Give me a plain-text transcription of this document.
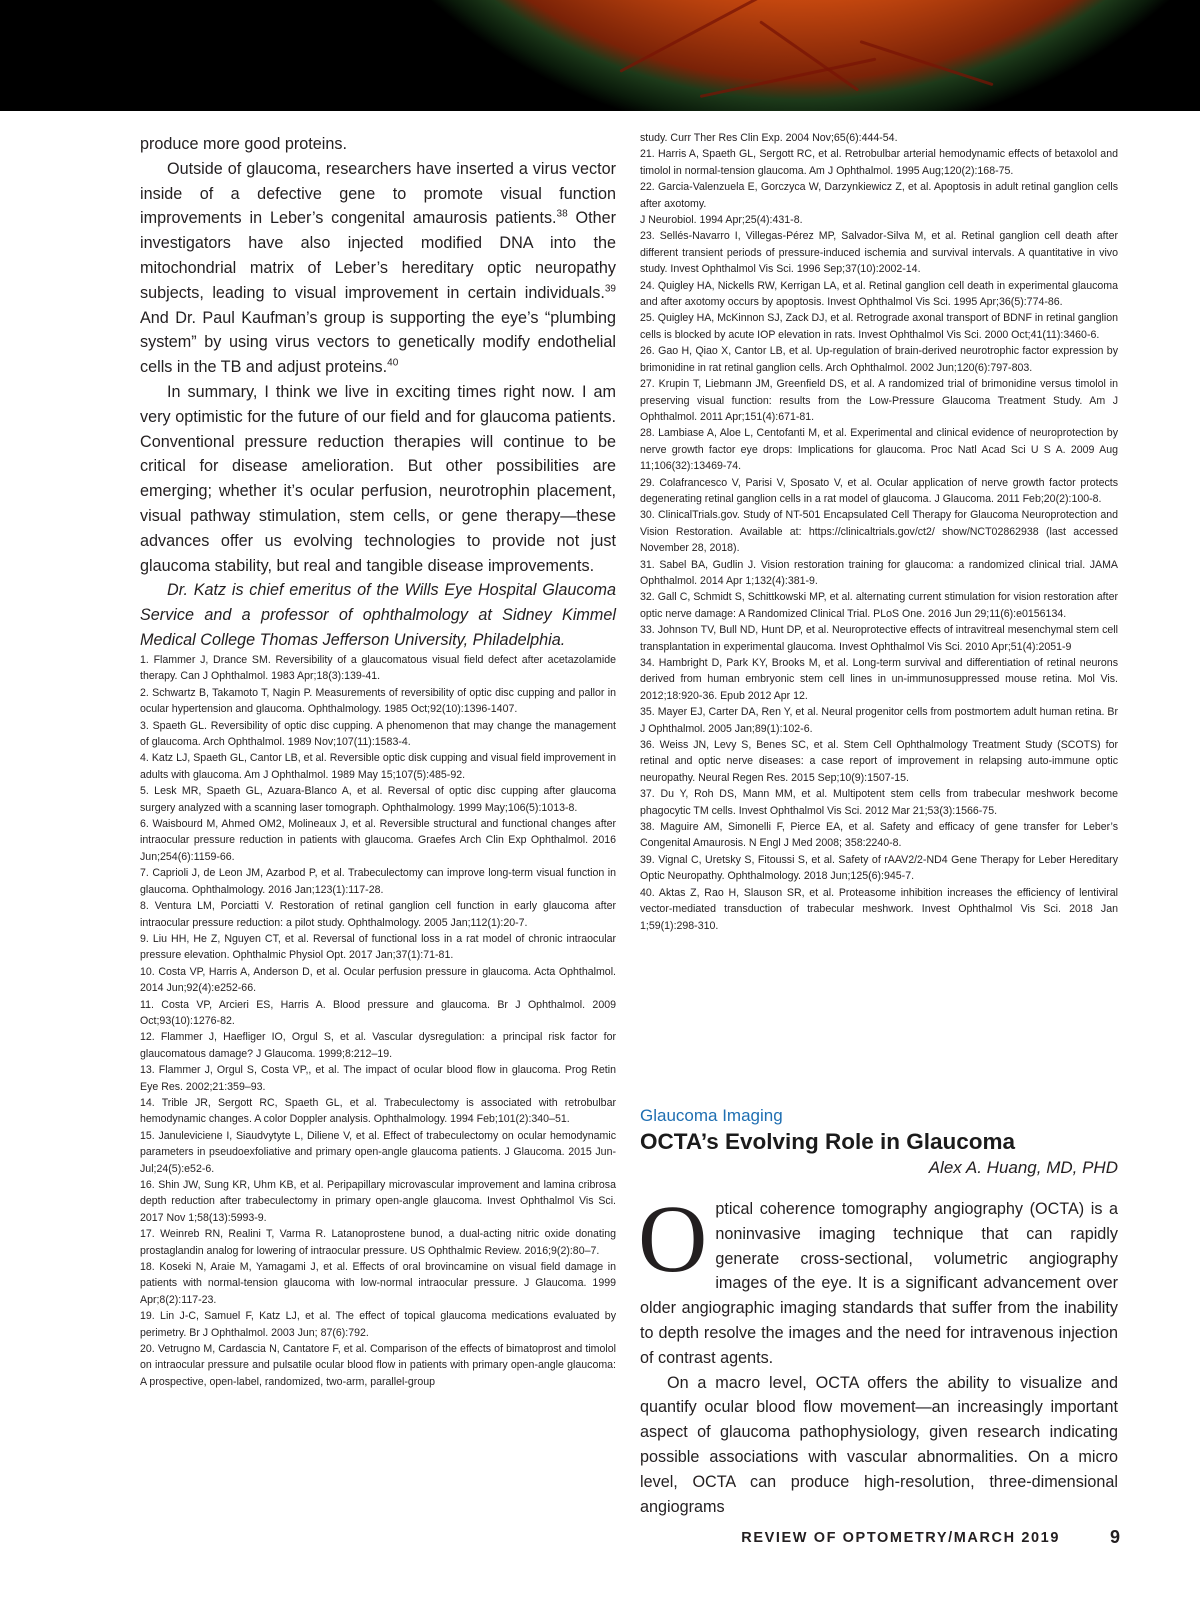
produce more good proteins.

Outside of glaucoma, researchers have inserted a virus vector inside of a defective gene to promote visual function improvements in Leber’s congenital amaurosis patients.$^{38}$ Other investigators have also injected modified DNA into the mitochondrial matrix of Leber’s hereditary optic neuropathy subjects, leading to visual improvement in certain individuals.$^{39}$ And Dr. Paul Kaufman’s group is supporting the eye’s “plumbing system” by using virus vectors to genetically modify endothelial cells in the TB and adjust proteins.$^{40}$

In summary, I think we live in exciting times right now. I am very optimistic for the future of our field and for glaucoma patients. Conventional pressure reduction therapies will continue to be critical for disease amelioration. But other possibilities are emerging; whether it’s ocular perfusion, neurotrophin placement, visual pathway stimulation, stem cells, or gene therapy—these advances offer us evolving technologies to provide not just glaucoma stability, but real and tangible disease improvements.

Dr. Katz is chief emeritus of the Wills Eye Hospital Glaucoma Service and a professor of ophthalmology at Sidney Kimmel Medical College Thomas Jefferson University, Philadelphia.

1. Flammer J, Drance SM. Reversibility of a glaucomatous visual field defect after acetazolamide therapy. Can J Ophthalmol. 1983 Apr;18(3):139-41.
2. Schwartz B, Takamoto T, Nagin P. Measurements of reversibility of optic disc cupping and pallor in ocular hypertension and glaucoma. Ophthalmology. 1985 Oct;92(10):1396-1407.
3. Spaeth GL. Reversibility of optic disc cupping. A phenomenon that may change the management of glaucoma. Arch Ophthalmol. 1989 Nov;107(11):1583-4.
4. Katz LJ, Spaeth GL, Cantor LB, et al. Reversible optic disk cupping and visual field improvement in adults with glaucoma. Am J Ophthalmol. 1989 May 15;107(5):485-92.
5. Lesk MR, Spaeth GL, Azuara-Blanco A, et al. Reversal of optic disc cupping after glaucoma surgery analyzed with a scanning laser tomograph. Ophthalmology. 1999 May;106(5):1013-8.
6. Waisbourd M, Ahmed OM2, Molineaux J, et al. Reversible structural and functional changes after intraocular pressure reduction in patients with glaucoma. Graefes Arch Clin Exp Ophthalmol. 2016 Jun;254(6):1159-66.
7. Caprioli J, de Leon JM, Azarbod P, et al. Trabeculectomy can improve long-term visual function in glaucoma. Ophthalmology. 2016 Jan;123(1):117-28.
8. Ventura LM, Porciatti V. Restoration of retinal ganglion cell function in early glaucoma after intraocular pressure reduction: a pilot study. Ophthalmology. 2005 Jan;112(1):20-7.
9. Liu HH, He Z, Nguyen CT, et al. Reversal of functional loss in a rat model of chronic intraocular pressure elevation. Ophthalmic Physiol Opt. 2017 Jan;37(1):71-81.
10. Costa VP, Harris A, Anderson D, et al. Ocular perfusion pressure in glaucoma. Acta Ophthalmol. 2014 Jun;92(4):e252-66.
11. Costa VP, Arcieri ES, Harris A. Blood pressure and glaucoma. Br J Ophthalmol. 2009 Oct;93(10):1276-82.
12. Flammer J, Haefliger IO, Orgul S, et al. Vascular dysregulation: a principal risk factor for glaucomatous damage? J Glaucoma. 1999;8:212–19.
13. Flammer J, Orgul S, Costa VP,, et al. The impact of ocular blood flow in glaucoma. Prog Retin Eye Res. 2002;21:359–93.
14. Trible JR, Sergott RC, Spaeth GL, et al. Trabeculectomy is associated with retrobulbar hemodynamic changes. A color Doppler analysis. Ophthalmology. 1994 Feb;101(2):340–51.
15. Januleviciene I, Siaudvytyte L, Diliene V, et al. Effect of trabeculectomy on ocular hemodynamic parameters in pseudoexfoliative and primary open-angle glaucoma patients. J Glaucoma. 2015 Jun-Jul;24(5):e52-6.
16. Shin JW, Sung KR, Uhm KB, et al. Peripapillary microvascular improvement and lamina cribrosa depth reduction after trabeculectomy in primary open-angle glaucoma. Invest Ophthalmol Vis Sci. 2017 Nov 1;58(13):5993-9.
17. Weinreb RN, Realini T, Varma R. Latanoprostene bunod, a dual-acting nitric oxide donating prostaglandin analog for lowering of intraocular pressure. US Ophthalmic Review. 2016;9(2):80–7.
18. Koseki N, Araie M, Yamagami J, et al. Effects of oral brovincamine on visual field damage in patients with normal-tension glaucoma with low-normal intraocular pressure. J Glaucoma. 1999 Apr;8(2):117-23.
19. Lin J-C, Samuel F, Katz LJ, et al. The effect of topical glaucoma medications evaluated by perimetry. Br J Ophthalmol. 2003 Jun; 87(6):792.
20. Vetrugno M, Cardascia N, Cantatore F, et al. Comparison of the effects of bimatoprost and timolol on intraocular pressure and pulsatile ocular blood flow in patients with primary open-angle glaucoma: A prospective, open-label, randomized, two-arm, parallel-group
study. Curr Ther Res Clin Exp. 2004 Nov;65(6):444-54.
21. Harris A, Spaeth GL, Sergott RC, et al. Retrobulbar arterial hemodynamic effects of betaxolol and timolol in normal-tension glaucoma. Am J Ophthalmol. 1995 Aug;120(2):168-75.
22. Garcia-Valenzuela E, Gorczyca W, Darzynkiewicz Z, et al. Apoptosis in adult retinal ganglion cells after axotomy.
J Neurobiol. 1994 Apr;25(4):431-8.
23. Sellés-Navarro I, Villegas-Pérez MP, Salvador-Silva M, et al. Retinal ganglion cell death after different transient periods of pressure-induced ischemia and survival intervals. A quantitative in vivo study. Invest Ophthalmol Vis Sci. 1996 Sep;37(10):2002-14.
24. Quigley HA, Nickells RW, Kerrigan LA, et al. Retinal ganglion cell death in experimental glaucoma and after axotomy occurs by apoptosis. Invest Ophthalmol Vis Sci. 1995 Apr;36(5):774-86.
25. Quigley HA, McKinnon SJ, Zack DJ, et al. Retrograde axonal transport of BDNF in retinal ganglion cells is blocked by acute IOP elevation in rats. Invest Ophthalmol Vis Sci. 2000 Oct;41(11):3460-6.
26. Gao H, Qiao X, Cantor LB, et al. Up-regulation of brain-derived neurotrophic factor expression by brimonidine in rat retinal ganglion cells. Arch Ophthalmol. 2002 Jun;120(6):797-803.
27. Krupin T, Liebmann JM, Greenfield DS, et al. A randomized trial of brimonidine versus timolol in preserving visual function: results from the Low-Pressure Glaucoma Treatment Study. Am J Ophthalmol. 2011 Apr;151(4):671-81.
28. Lambiase A, Aloe L, Centofanti M, et al. Experimental and clinical evidence of neuroprotection by nerve growth factor eye drops: Implications for glaucoma. Proc Natl Acad Sci U S A. 2009 Aug 11;106(32):13469-74.
29. Colafrancesco V, Parisi V, Sposato V, et al. Ocular application of nerve growth factor protects degenerating retinal ganglion cells in a rat model of glaucoma. J Glaucoma. 2011 Feb;20(2):100-8.
30. ClinicalTrials.gov. Study of NT-501 Encapsulated Cell Therapy for Glaucoma Neuroprotection and Vision Restoration. Available at: https://clinicaltrials.gov/ct2/ show/NCT02862938 (last accessed November 28, 2018).
31. Sabel BA, Gudlin J. Vision restoration training for glaucoma: a randomized clinical trial. JAMA Ophthalmol. 2014 Apr 1;132(4):381-9.
32. Gall C, Schmidt S, Schittkowski MP, et al. alternating current stimulation for vision restoration after optic nerve damage: A Randomized Clinical Trial. PLoS One. 2016 Jun 29;11(6):e0156134.
33. Johnson TV, Bull ND, Hunt DP, et al. Neuroprotective effects of intravitreal mesenchymal stem cell transplantation in experimental glaucoma. Invest Ophthalmol Vis Sci. 2010 Apr;51(4):2051-9
34. Hambright D, Park KY, Brooks M, et al. Long-term survival and differentiation of retinal neurons derived from human embryonic stem cell lines in un-immunosuppressed mouse retina. Mol Vis. 2012;18:920-36. Epub 2012 Apr 12.
35. Mayer EJ, Carter DA, Ren Y, et al. Neural progenitor cells from postmortem adult human retina. Br J Ophthalmol. 2005 Jan;89(1):102-6.
36. Weiss JN, Levy S, Benes SC, et al. Stem Cell Ophthalmology Treatment Study (SCOTS) for retinal and optic nerve diseases: a case report of improvement in relapsing auto-immune optic neuropathy. Neural Regen Res. 2015 Sep;10(9):1507-15.
37. Du Y, Roh DS, Mann MM, et al. Multipotent stem cells from trabecular meshwork become phagocytic TM cells. Invest Ophthalmol Vis Sci. 2012 Mar 21;53(3):1566-75.
38. Maguire AM, Simonelli F, Pierce EA, et al. Safety and efficacy of gene transfer for Leber’s Congenital Amaurosis. N Engl J Med 2008; 358:2240-8.
39. Vignal C, Uretsky S, Fitoussi S, et al. Safety of rAAV2/2-ND4 Gene Therapy for Leber Hereditary Optic Neuropathy. Ophthalmology. 2018 Jun;125(6):945-7.
40. Aktas Z, Rao H, Slauson SR, et al. Proteasome inhibition increases the efficiency of lentiviral vector-mediated transduction of trabecular meshwork. Invest Ophthalmol Vis Sci. 2018 Jan 1;59(1):298-310.

Glaucoma Imaging

OCTA’s Evolving Role in Glaucoma

Alex A. Huang, MD, PHD

Optical coherence tomography angiography (OCTA) is a noninvasive imaging technique that can rapidly generate cross-sectional, volumetric angiography images of the eye. It is a significant advancement over older angiographic imaging standards that suffer from the inability to depth resolve the images and the need for intravenous injection of contrast agents.

On a macro level, OCTA offers the ability to visualize and quantify ocular blood flow movement—an increasingly important aspect of glaucoma pathophysiology, given research indicating possible associations with vascular abnormalities. On a micro level, OCTA can produce high-resolution, three-dimensional angiograms

REVIEW OF OPTOMETRY/MARCH 2019	9
